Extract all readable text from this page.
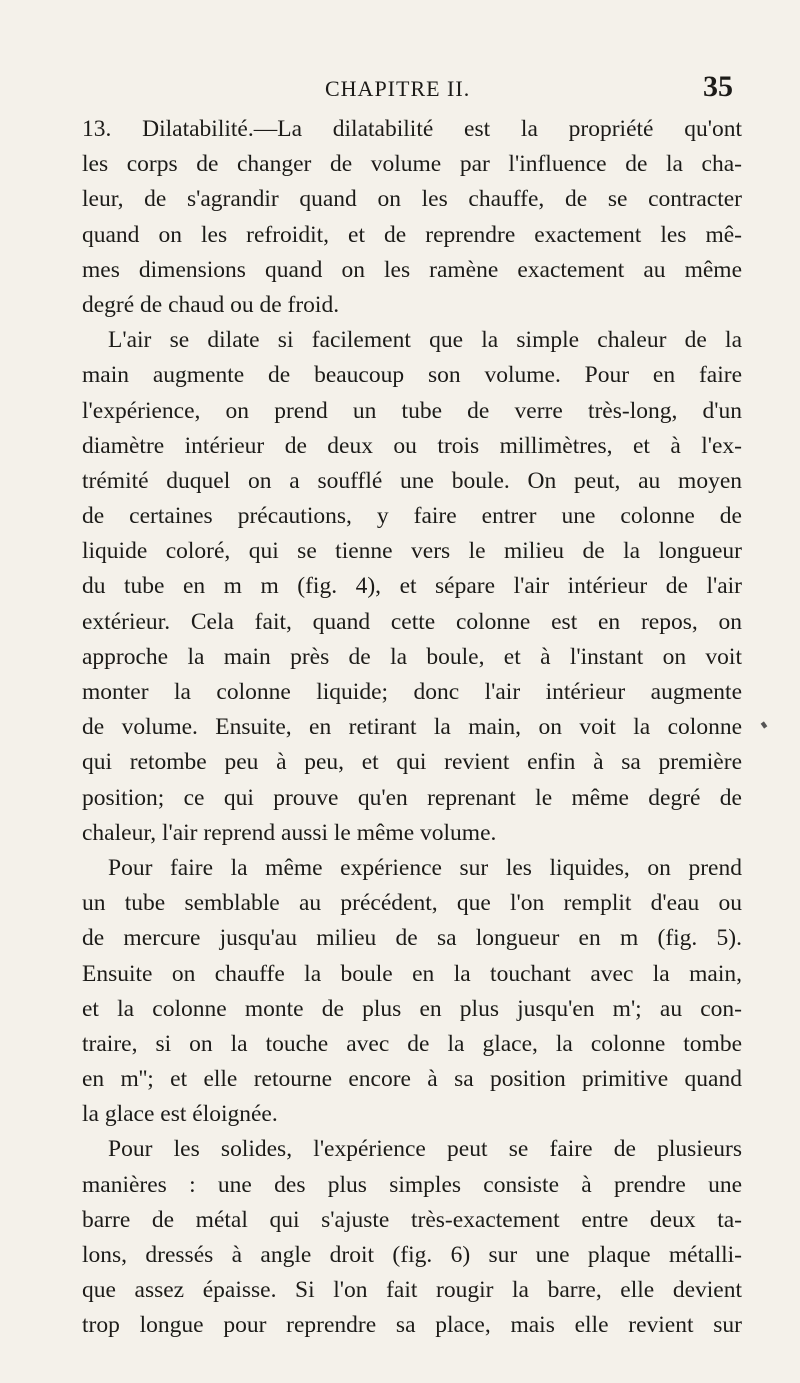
CHAPITRE II.	35
13. Dilatabilité.—La dilatabilité est la propriété qu'ont
les corps de changer de volume par l'influence de la cha-
leur, de s'agrandir quand on les chauffe, de se contracter
quand on les refroidit, et de reprendre exactement les mê-
mes dimensions quand on les ramène exactement au même
degré de chaud ou de froid.
L'air se dilate si facilement que la simple chaleur de la
main augmente de beaucoup son volume. Pour en faire
l'expérience, on prend un tube de verre très-long, d'un
diamètre intérieur de deux ou trois millimètres, et à l'ex-
trémité duquel on a soufflé une boule. On peut, au moyen
de certaines précautions, y faire entrer une colonne de
liquide coloré, qui se tienne vers le milieu de la longueur
du tube en m m (fig. 4), et sépare l'air intérieur de l'air
extérieur. Cela fait, quand cette colonne est en repos, on
approche la main près de la boule, et à l'instant on voit
monter la colonne liquide; donc l'air intérieur augmente
de volume. Ensuite, en retirant la main, on voit la colonne
qui retombe peu à peu, et qui revient enfin à sa première
position; ce qui prouve qu'en reprenant le même degré de
chaleur, l'air reprend aussi le même volume.
Pour faire la même expérience sur les liquides, on prend
un tube semblable au précédent, que l'on remplit d'eau ou
de mercure jusqu'au milieu de sa longueur en m (fig. 5).
Ensuite on chauffe la boule en la touchant avec la main,
et la colonne monte de plus en plus jusqu'en m'; au con-
traire, si on la touche avec de la glace, la colonne tombe
en m''; et elle retourne encore à sa position primitive quand
la glace est éloignée.
Pour les solides, l'expérience peut se faire de plusieurs
manières : une des plus simples consiste à prendre une
barre de métal qui s'ajuste très-exactement entre deux ta-
lons, dressés à angle droit (fig. 6) sur une plaque métalli-
que assez épaisse. Si l'on fait rougir la barre, elle devient
trop longue pour reprendre sa place, mais elle revient sur
